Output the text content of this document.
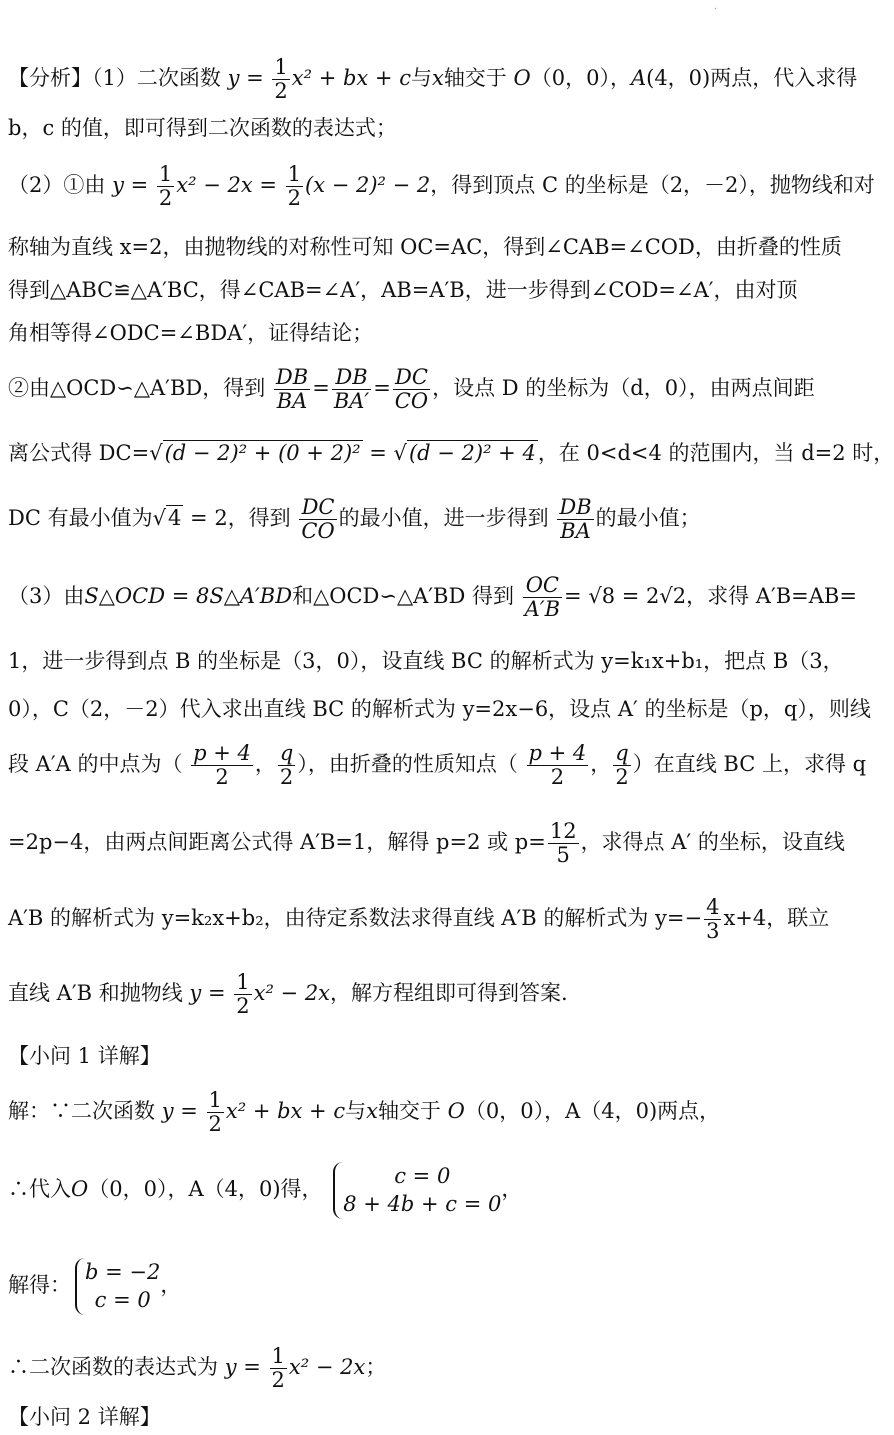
·
【分析】（1）二次函数 $y = \frac{1}{2} x^2$ + bx + c与x轴交于 O（0，0），A(4，0)两点，代入求得
b，c 的值，即可得到二次函数的表达式；
（2）①由 $y = \frac{1}{2} x^2 - 2x = \frac{1}{2} (x - 2)^2 - 2$，得到顶点 C 的坐标是（2，－2），抛物线和对
称轴为直线 x=2，由抛物线的对称性可知 OC=AC，得到∠CAB=∠COD，由折叠的性质
得到△ABC≌△A′BC，得∠CAB=∠A′，AB=A′B，进一步得到∠COD=∠A′，由对顶
角相等得∠ODC=∠BDA′，证得结论；
②由△OCD∽△A′BD，得到 $\frac{DB}{BA} = \frac{DB}{BA'} = \frac{DC}{CO}$ ，设点 D 的坐标为（d，0），由两点间距
离公式得 DC=√(d − 2)² + (0 + 2)² = √(d − 2)² + 4，在 0<d<4 的范围内，当 d=2 时，
DC 有最小值为√4 = 2，得到 $\frac{DC}{CO}$ 的最小值，进一步得到 $\frac{DB}{BA}$ 的最小值；
（3）由S△OCD = 8S△A′BD和△OCD∽△A′BD 得到 $\frac{OC}{A'B} = √8 = 2√2$，求得 A′B=AB=
1，进一步得到点 B 的坐标是（3，0），设直线 BC 的解析式为 y=k₁x+b₁，把点 B（3，
0），C（2，－2）代入求出直线 BC 的解析式为 y=2x−6，设点 A′ 的坐标是（p，q），则线
段 A′A 的中点为（ $\frac{p + 4}{2}$ ， $\frac{q}{2}$ ），由折叠的性质知点（ $\frac{p + 4}{2}$ ， $\frac{q}{2}$ ）在直线 BC 上，求得 q
=2p−4，由两点间距离公式得 A′B=1，解得 p=2 或 $p= \frac{12}{5}$ ，求得点 A′ 的坐标，设直线
A′B 的解析式为 y=k₂x+b₂，由待定系数法求得直线 A′B 的解析式为 $y=- \frac{4}{3} x+4$，联立
直线 A′B 和抛物线 $y = \frac{1}{2} x^2 - 2x$，解方程组即可得到答案.
【小问 1 详解】
解：∵二次函数 $y = \frac{1}{2} x^2$ + bx + c与x轴交于 O（0，0），A（4，0)两点，
∴代入O（0，0），A（4，0)得，
c = 0
8 + 4b + c = 0
，
解得：
b = −2
c = 0
，
∴二次函数的表达式为 $y = \frac{1}{2} x^2 - 2x$；
【小问 2 详解】
